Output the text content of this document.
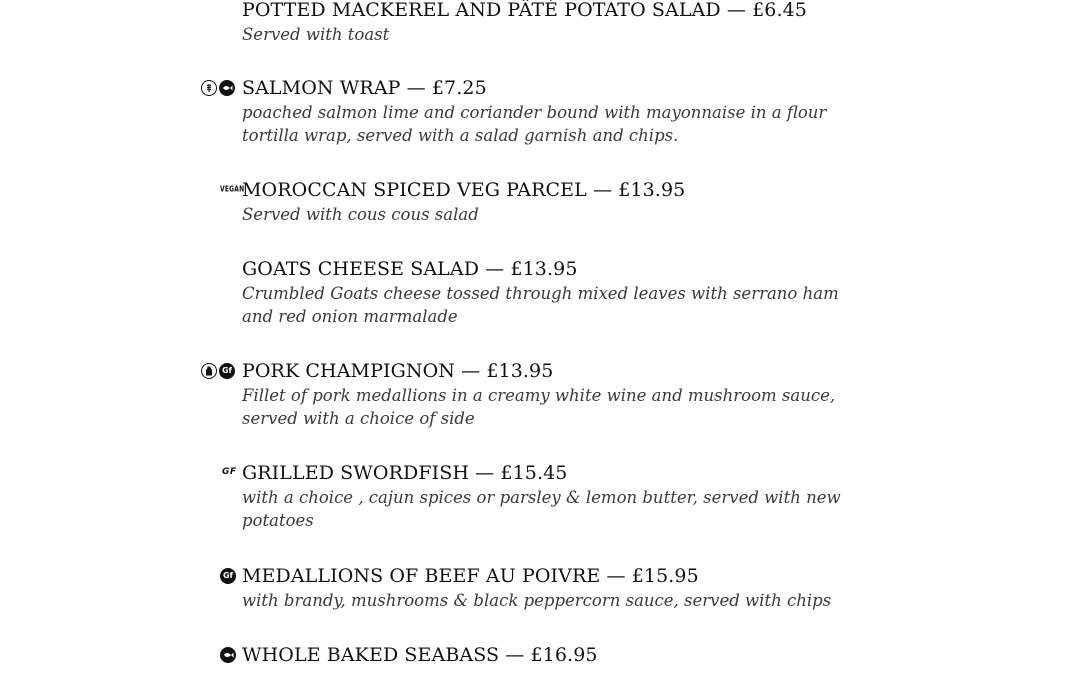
POTTED MACKEREL AND PÂTÉ POTATO SALAD — £6.45
Served with toast
SALMON WRAP — £7.25
poached salmon lime and coriander bound with mayonnaise in a flour tortilla wrap, served with a salad garnish and chips.
VEGAN
MOROCCAN SPICED VEG PARCEL — £13.95
Served with cous cous salad
GOATS CHEESE SALAD — £13.95
Crumbled Goats cheese tossed through mixed leaves with serrano ham and red onion marmalade
Gf PORK CHAMPIGNON — £13.95
Fillet of pork medallions in a creamy white wine and mushroom sauce, served with a choice of side
GF GRILLED SWORDFISH — £15.45
with a choice , cajun spices or parsley & lemon butter, served with new potatoes
Gf MEDALLIONS OF BEEF AU POIVRE — £15.95
with brandy, mushrooms & black peppercorn sauce, served with chips
WHOLE BAKED SEABASS — £16.95
